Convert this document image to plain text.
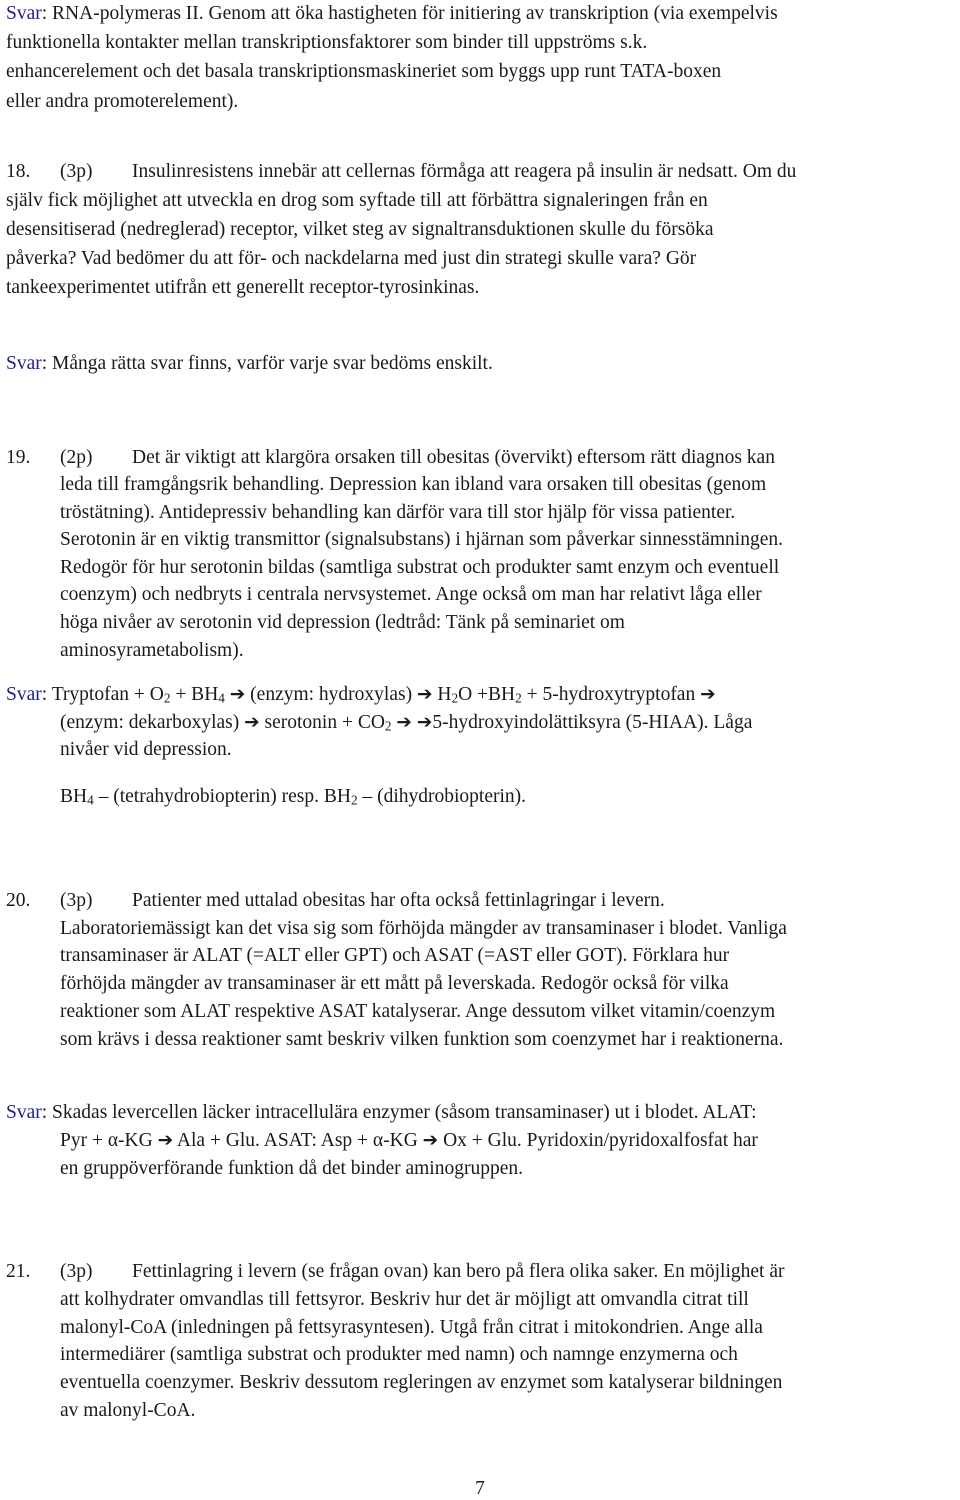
Svar: RNA-polymeras II. Genom att öka hastigheten för initiering av transkription (via exempelvis
funktionella kontakter mellan transkriptionsfaktorer som binder till uppströms s.k.
enhancerelement och det basala transkriptionsmaskineriet som byggs upp runt TATA-boxen
eller andra promoterelement).
18. (3p) Insulinresistens innebär att cellernas förmåga att reagera på insulin är nedsatt. Om du
själv fick möjlighet att utveckla en drog som syftade till att förbättra signaleringen från en
desensitiserad (nedreglerad) receptor, vilket steg av signaltransduktionen skulle du försöka
påverka? Vad bedömer du att för- och nackdelarna med just din strategi skulle vara? Gör
tankeexperimentet utifrån ett generellt receptor-tyrosinkinas.
Svar: Många rätta svar finns, varför varje svar bedöms enskilt.
19. (2p) Det är viktigt att klargöra orsaken till obesitas (övervikt) eftersom rätt diagnos kan
leda till framgångsrik behandling. Depression kan ibland vara orsaken till obesitas (genom
tröstätning). Antidepressiv behandling kan därför vara till stor hjälp för vissa patienter.
Serotonin är en viktig transmittor (signalsubstans) i hjärnan som påverkar sinnesstämningen.
Redogör för hur serotonin bildas (samtliga substrat och produkter samt enzym och eventuell
coenzym) och nedbryts i centrala nervsystemet. Ange också om man har relativt låga eller
höga nivåer av serotonin vid depression (ledtråd: Tänk på seminariet om
aminosyrametabolism).
Svar: Tryptofan + O2 + BH4 ➔ (enzym: hydroxylas) ➔ H2O +BH2 + 5-hydroxytryptofan ➔
(enzym: dekarboxylas) ➔ serotonin + CO2 ➔ ➔5-hydroxyindolättiksyra (5-HIAA). Låga
nivåer vid depression.
BH4 – (tetrahydrobiopterin) resp. BH2 – (dihydrobiopterin).
20. (3p) Patienter med uttalad obesitas har ofta också fettinlagringar i levern.
Laboratoriemässigt kan det visa sig som förhöjda mängder av transaminaser i blodet. Vanliga
transaminaser är ALAT (=ALT eller GPT) och ASAT (=AST eller GOT). Förklara hur
förhöjda mängder av transaminaser är ett mått på leverskada. Redogör också för vilka
reaktioner som ALAT respektive ASAT katalyserar. Ange dessutom vilket vitamin/coenzym
som krävs i dessa reaktioner samt beskriv vilken funktion som coenzymet har i reaktionerna.
Svar: Skadas levercellen läcker intracellulära enzymer (såsom transaminaser) ut i blodet. ALAT:
Pyr + α-KG ➔ Ala + Glu. ASAT: Asp + α-KG ➔ Ox + Glu. Pyridoxin/pyridoxalfosfat har
en gruppöverförande funktion då det binder aminogruppen.
21. (3p) Fettinlagring i levern (se frågan ovan) kan bero på flera olika saker. En möjlighet är
att kolhydrater omvandlas till fettsyror. Beskriv hur det är möjligt att omvandla citrat till
malonyl-CoA (inledningen på fettsyrasyntesen). Utgå från citrat i mitokondrien. Ange alla
intermediärer (samtliga substrat och produkter med namn) och namnge enzymerna och
eventuella coenzymer. Beskriv dessutom regleringen av enzymet som katalyserar bildningen
av malonyl-CoA.
7
